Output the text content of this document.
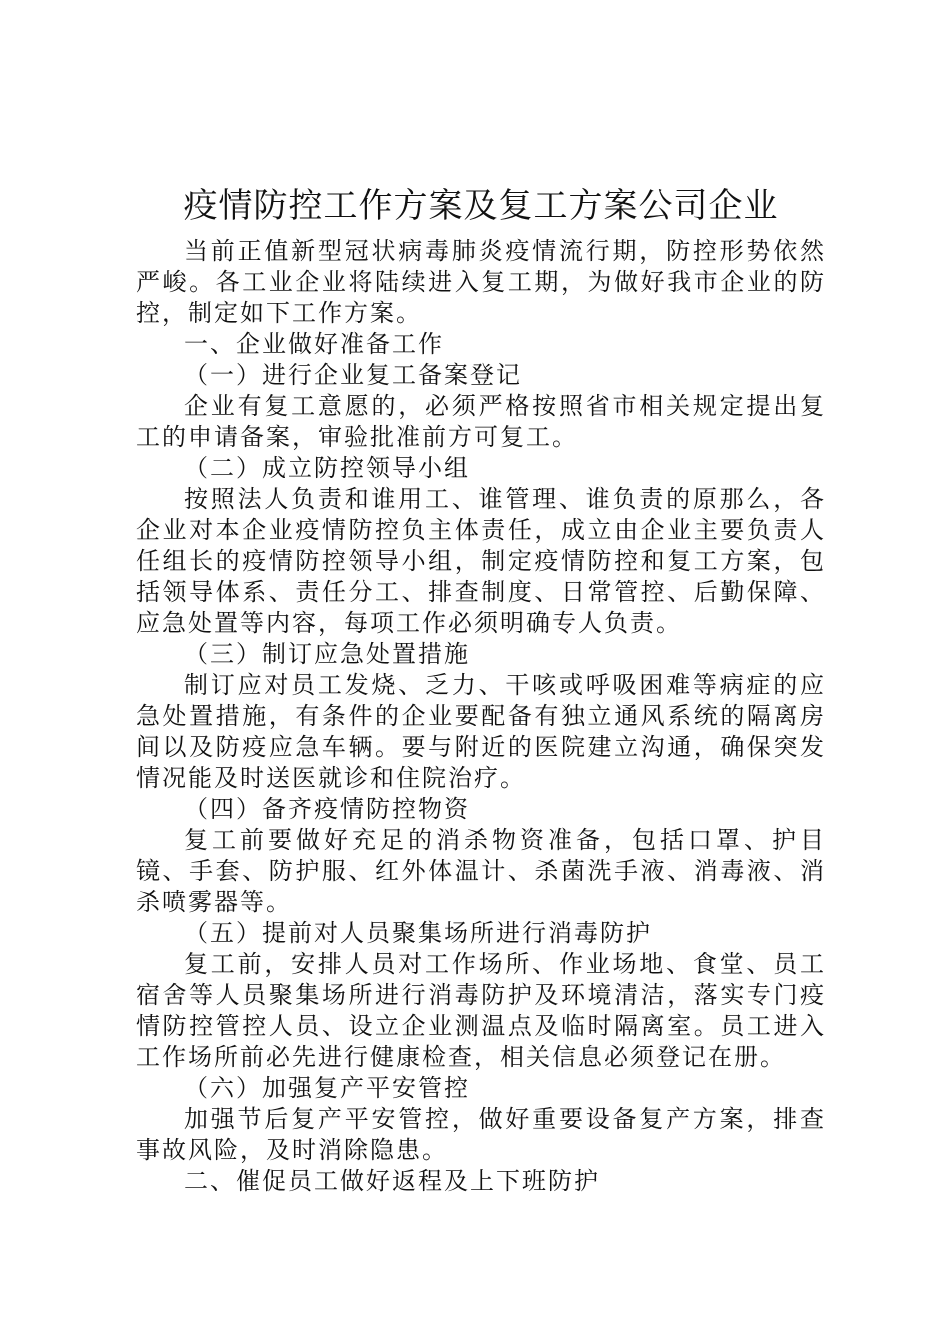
疫情防控工作方案及复工方案公司企业

当前正值新型冠状病毒肺炎疫情流行期，防控形势依然严峻。各工业企业将陆续进入复工期，为做好我市企业的防控，制定如下工作方案。

一、企业做好准备工作

（一）进行企业复工备案登记

企业有复工意愿的，必须严格按照省市相关规定提出复工的申请备案，审验批准前方可复工。

（二）成立防控领导小组

按照法人负责和谁用工、谁管理、谁负责的原那么，各企业对本企业疫情防控负主体责任，成立由企业主要负责人任组长的疫情防控领导小组，制定疫情防控和复工方案，包括领导体系、责任分工、排查制度、日常管控、后勤保障、应急处置等内容，每项工作必须明确专人负责。

（三）制订应急处置措施

制订应对员工发烧、乏力、干咳或呼吸困难等病症的应急处置措施，有条件的企业要配备有独立通风系统的隔离房间以及防疫应急车辆。要与附近的医院建立沟通，确保突发情况能及时送医就诊和住院治疗。

（四）备齐疫情防控物资

复工前要做好充足的消杀物资准备，包括口罩、护目镜、手套、防护服、红外体温计、杀菌洗手液、消毒液、消杀喷雾器等。

（五）提前对人员聚集场所进行消毒防护

复工前，安排人员对工作场所、作业场地、食堂、员工宿舍等人员聚集场所进行消毒防护及环境清洁，落实专门疫情防控管控人员、设立企业测温点及临时隔离室。员工进入工作场所前必先进行健康检查，相关信息必须登记在册。

（六）加强复产平安管控

加强节后复产平安管控，做好重要设备复产方案，排查事故风险，及时消除隐患。

二、催促员工做好返程及上下班防护
